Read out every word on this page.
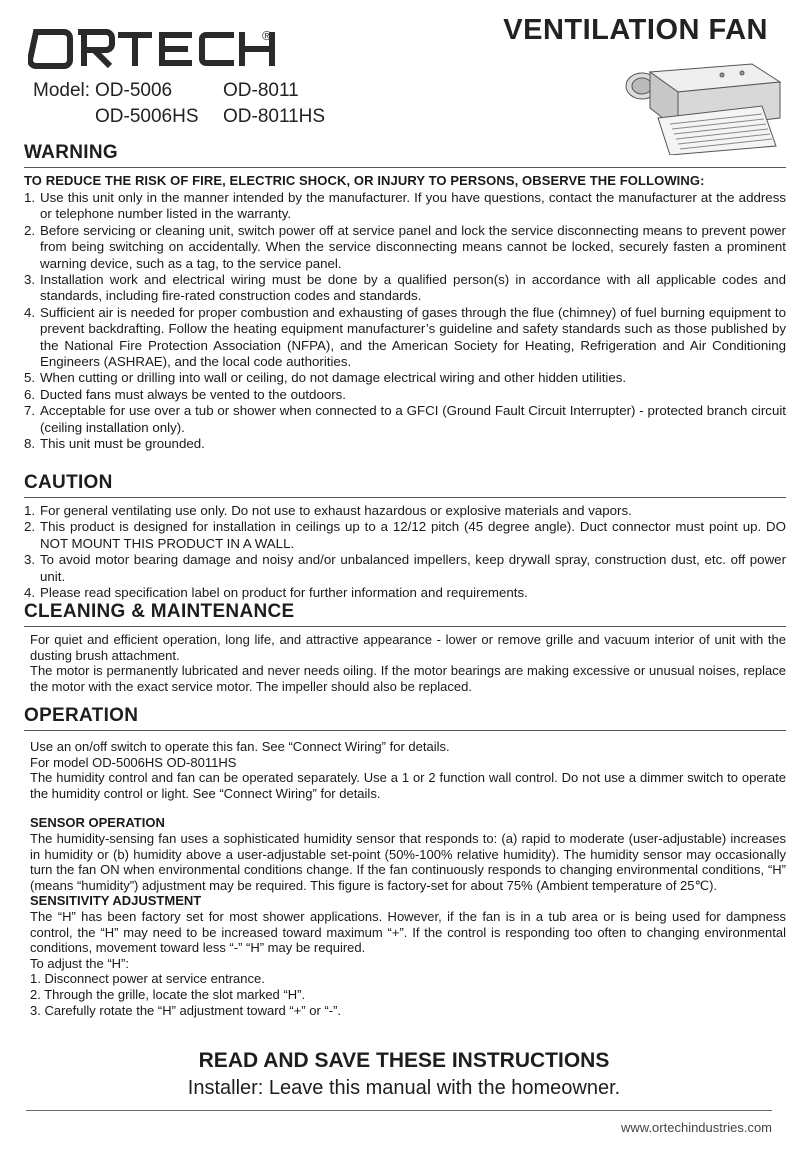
®	VENTILATION FAN
Model: OD-5006	OD-8011
OD-5006HS OD-8011HS
WARNING
TO REDUCE THE RISK OF FIRE, ELECTRIC SHOCK, OR INJURY TO PERSONS, OBSERVE THE FOLLOWING:
1. Use this unit only in the manner intended by the manufacturer. If you have questions, contact the manufacturer at the address or telephone number listed in the warranty.
2. Before servicing or cleaning unit, switch power off at service panel and lock the service disconnecting means to prevent power from being switching on accidentally. When the service disconnecting means cannot be locked, securely fasten a prominent warning device, such as a tag, to the service panel.
3. Installation work and electrical wiring must be done by a qualified person(s) in accordance with all applicable codes and standards, including fire-rated construction codes and standards.
4. Sufficient air is needed for proper combustion and exhausting of gases through the flue (chimney) of fuel burning equipment to prevent backdrafting. Follow the heating equipment manufacturer’s guideline and safety standards such as those published by the National Fire Protection Association (NFPA), and the American Society for Heating, Refrigeration and Air Conditioning Engineers (ASHRAE), and the local code authorities.
5. When cutting or drilling into wall or ceiling, do not damage electrical wiring and other hidden utilities.
6. Ducted fans must always be vented to the outdoors.
7. Acceptable for use over a tub or shower when connected to a GFCI (Ground Fault Circuit Interrupter) - protected branch circuit (ceiling installation only).
8. This unit must be grounded.
CAUTION
1. For general ventilating use only. Do not use to exhaust hazardous or explosive materials and vapors.
2. This product is designed for installation in ceilings up to a 12/12 pitch (45 degree angle). Duct connector must point up. DO NOT MOUNT THIS PRODUCT IN A WALL.
3. To avoid motor bearing damage and noisy and/or unbalanced impellers, keep drywall spray, construction dust, etc. off power unit.
4. Please read specification label on product for further information and requirements.
CLEANING & MAINTENANCE
For quiet and efficient operation, long life, and attractive appearance - lower or remove grille and vacuum interior of unit with the dusting brush attachment.
The motor is permanently lubricated and never needs oiling. If the motor bearings are making excessive or unusual noises, replace the motor with the exact service motor. The impeller should also be replaced.
OPERATION
Use an on/off switch to operate this fan. See “Connect Wiring” for details.
For model OD-5006HS OD-8011HS
The humidity control and fan can be operated separately. Use a 1 or 2 function wall control. Do not use a dimmer switch to operate the humidity control or light. See “Connect Wiring” for details.
SENSOR OPERATION
The humidity-sensing fan uses a sophisticated humidity sensor that responds to: (a) rapid to moderate (user-adjustable) increases in humidity or (b) humidity above a user-adjustable set-point (50%-100% relative humidity). The humidity sensor may occasionally turn the fan ON when environmental conditions change. If the fan continuously responds to changing environmental conditions, “H” (means “humidity”) adjustment may be required. This figure is factory-set for about 75% (Ambient temperature of 25℃).
SENSITIVITY ADJUSTMENT
The “H” has been factory set for most shower applications. However, if the fan is in a tub area or is being used for dampness control, the “H” may need to be increased toward maximum “+”. If the control is responding too often to changing environmental conditions, movement toward less “-” “H” may be required.
To adjust the “H”:
1. Disconnect power at service entrance.
2. Through the grille, locate the slot marked “H”.
3. Carefully rotate the “H” adjustment toward “+” or “-”.
READ AND SAVE THESE INSTRUCTIONS
Installer: Leave this manual with the homeowner.
www.ortechindustries.com
